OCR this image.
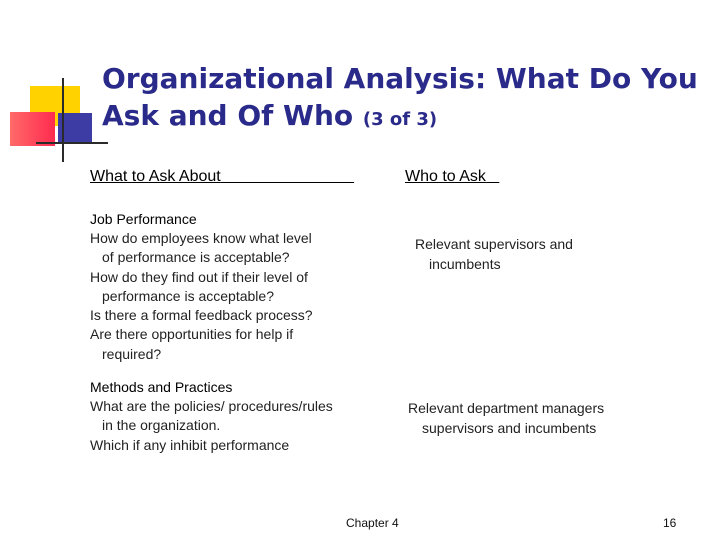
Organizational Analysis: What Do You Ask and Of Who (3 of 3)
What to Ask About	Who to Ask
Job Performance
How do employees know what level
of performance is acceptable?
How do they find out if their level of
performance is acceptable?
Is there a formal feedback process?
Are there opportunities for help if
required?
Relevant supervisors and
incumbents
Methods and Practices
What are the policies/ procedures/rules
in the organization.
Which if any inhibit performance
Relevant department managers
supervisors and incumbents
Chapter 4	16
